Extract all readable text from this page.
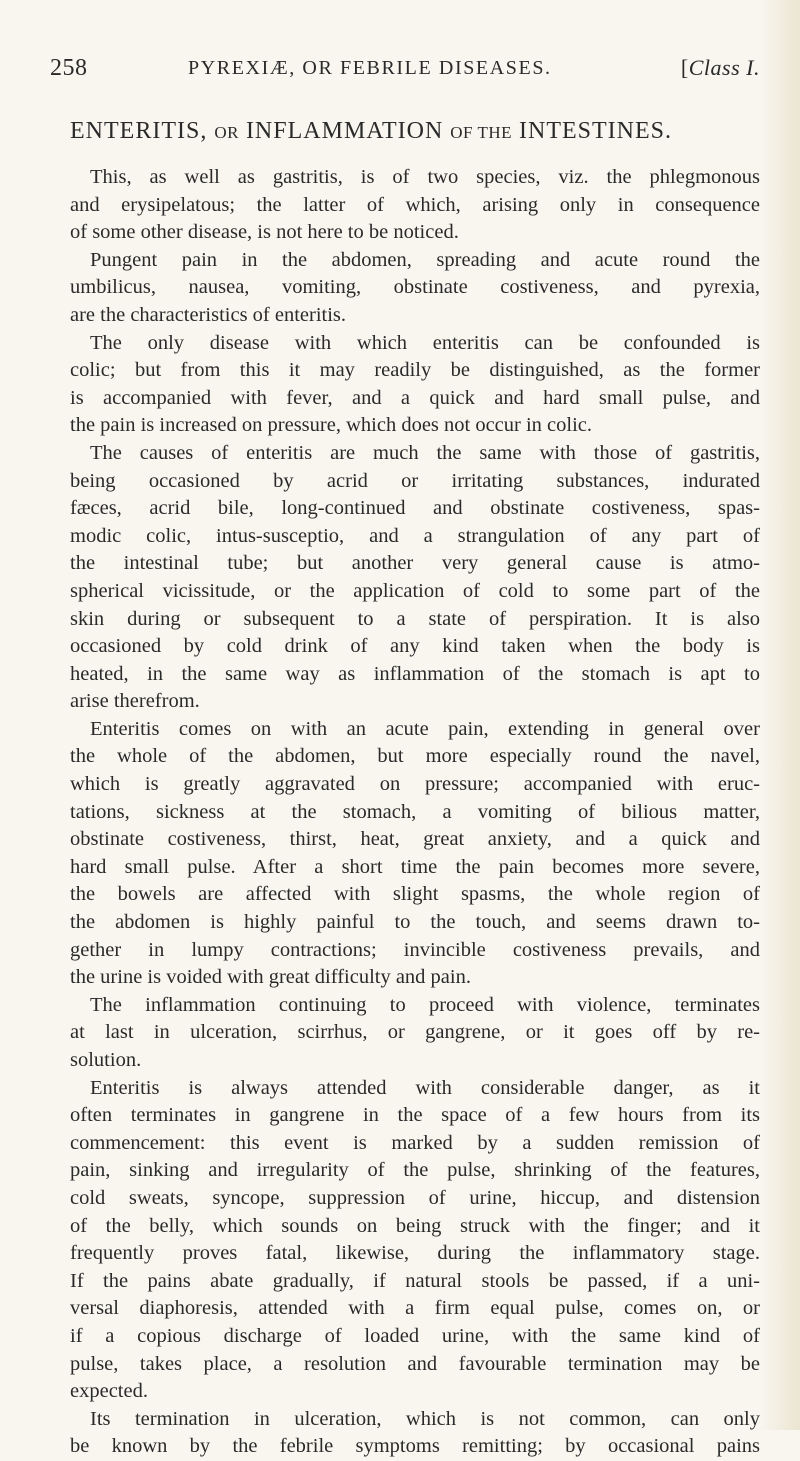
258	PYREXIÆ, OR FEBRILE DISEASES.	[Class I.
ENTERITIS, OR INFLAMMATION OF THE INTESTINES.
This, as well as gastritis, is of two species, viz. the phlegmonous
and erysipelatous; the latter of which, arising only in consequence
of some other disease, is not here to be noticed.
Pungent pain in the abdomen, spreading and acute round the
umbilicus, nausea, vomiting, obstinate costiveness, and pyrexia,
are the characteristics of enteritis.
The only disease with which enteritis can be confounded is
colic; but from this it may readily be distinguished, as the former
is accompanied with fever, and a quick and hard small pulse, and
the pain is increased on pressure, which does not occur in colic.
The causes of enteritis are much the same with those of gastritis,
being occasioned by acrid or irritating substances, indurated
fæces, acrid bile, long-continued and obstinate costiveness, spas-
modic colic, intus-susceptio, and a strangulation of any part of
the intestinal tube; but another very general cause is atmo-
spherical vicissitude, or the application of cold to some part of the
skin during or subsequent to a state of perspiration. It is also
occasioned by cold drink of any kind taken when the body is
heated, in the same way as inflammation of the stomach is apt to
arise therefrom.
Enteritis comes on with an acute pain, extending in general over
the whole of the abdomen, but more especially round the navel,
which is greatly aggravated on pressure; accompanied with eruc-
tations, sickness at the stomach, a vomiting of bilious matter,
obstinate costiveness, thirst, heat, great anxiety, and a quick and
hard small pulse. After a short time the pain becomes more severe,
the bowels are affected with slight spasms, the whole region of
the abdomen is highly painful to the touch, and seems drawn to-
gether in lumpy contractions; invincible costiveness prevails, and
the urine is voided with great difficulty and pain.
The inflammation continuing to proceed with violence, terminates
at last in ulceration, scirrhus, or gangrene, or it goes off by re-
solution.
Enteritis is always attended with considerable danger, as it
often terminates in gangrene in the space of a few hours from its
commencement: this event is marked by a sudden remission of
pain, sinking and irregularity of the pulse, shrinking of the features,
cold sweats, syncope, suppression of urine, hiccup, and distension
of the belly, which sounds on being struck with the finger; and it
frequently proves fatal, likewise, during the inflammatory stage.
If the pains abate gradually, if natural stools be passed, if a uni-
versal diaphoresis, attended with a firm equal pulse, comes on, or
if a copious discharge of loaded urine, with the same kind of
pulse, takes place, a resolution and favourable termination may be
expected.
Its termination in ulceration, which is not common, can only
be known by the febrile symptoms remitting; by occasional pains
